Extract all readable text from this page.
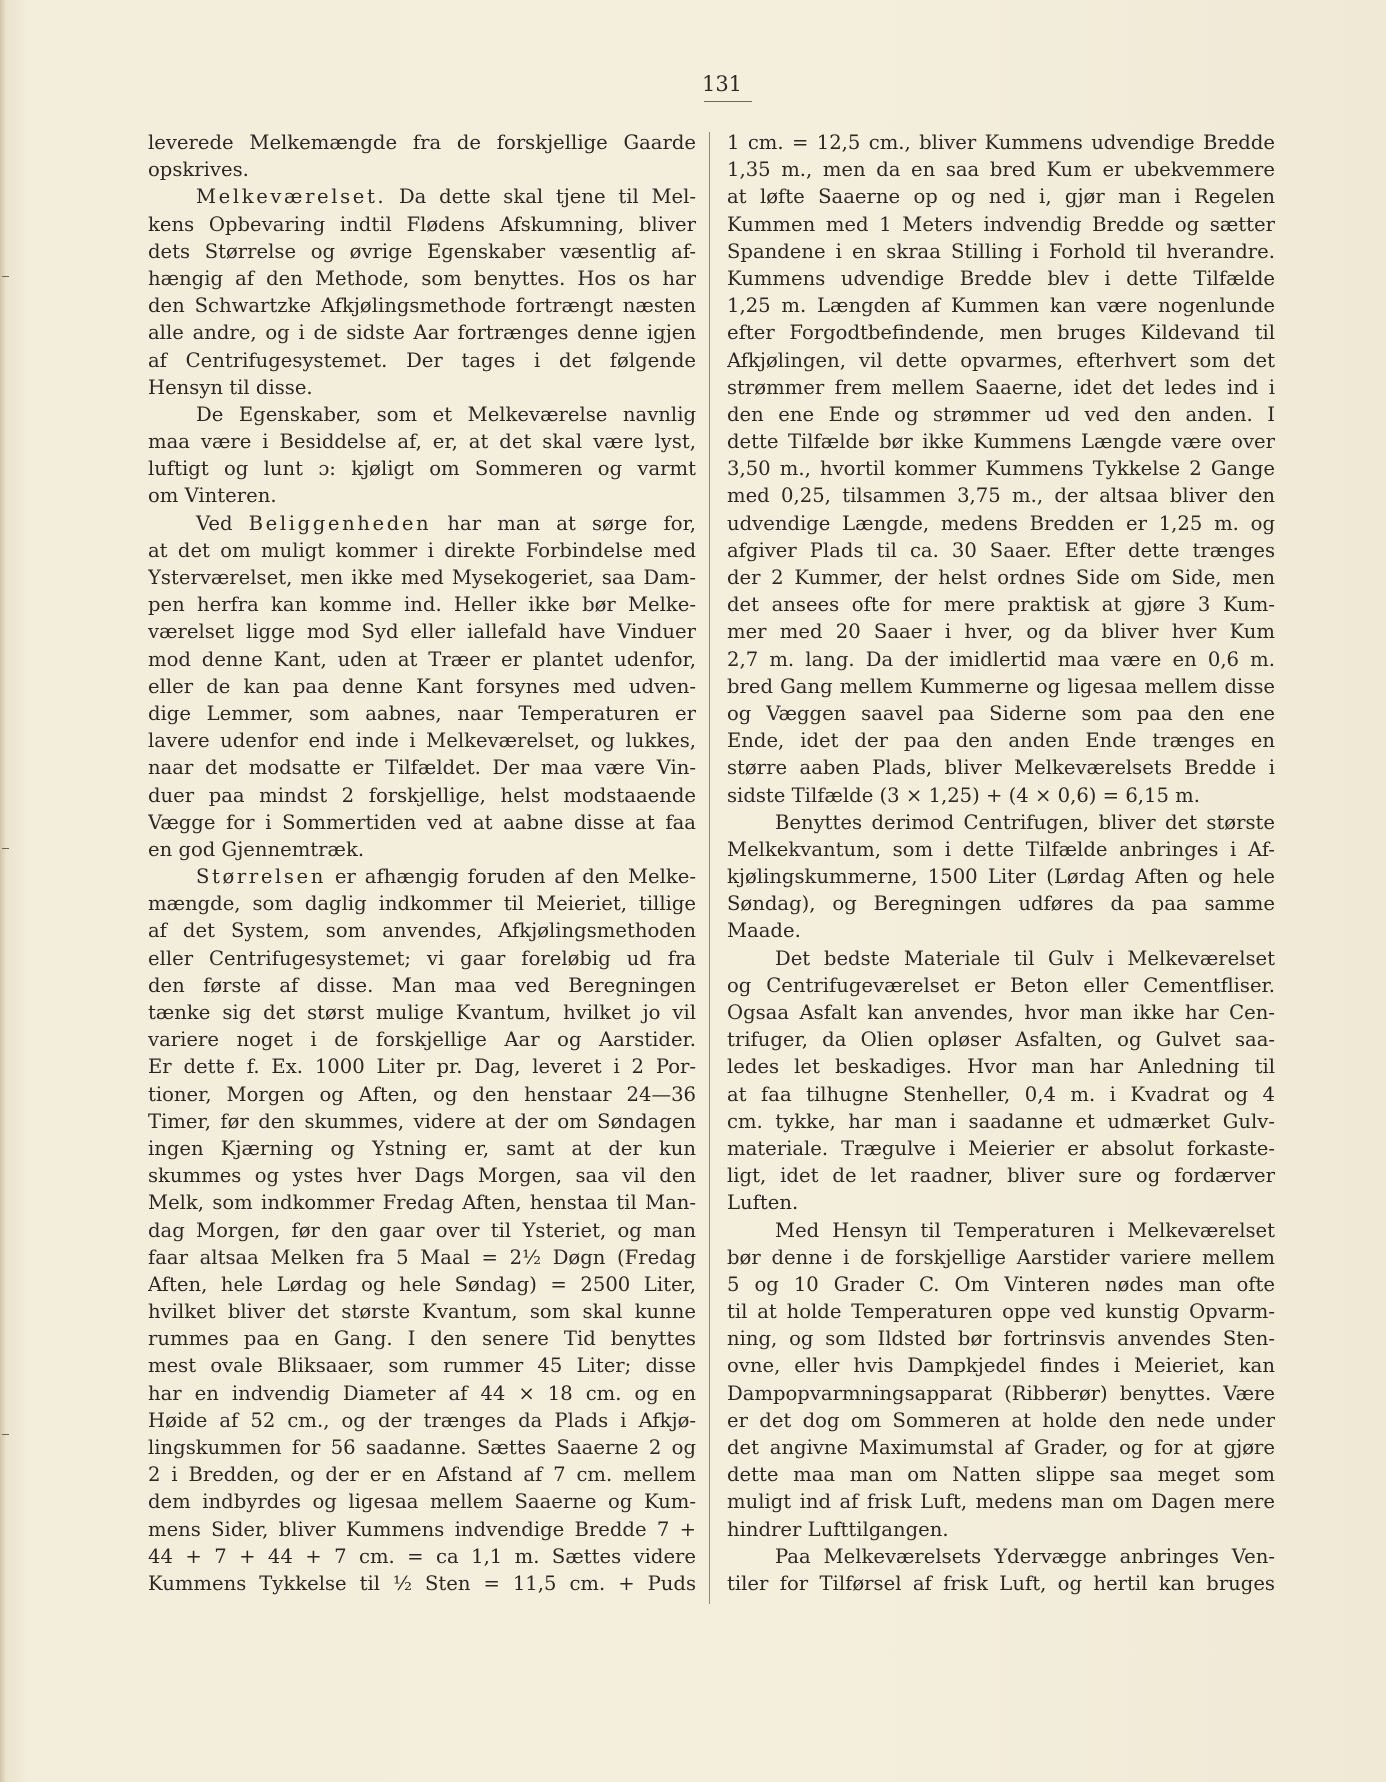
131
leverede Melkemængde fra de forskjellige Gaarde
opskrives.
Melkeværelset. Da dette skal tjene til Mel-
kens Opbevaring indtil Flødens Afskumning, bliver
dets Størrelse og øvrige Egenskaber væsentlig af-
hængig af den Methode, som benyttes. Hos os har
den Schwartzke Afkjølingsmethode fortrængt næsten
alle andre, og i de sidste Aar fortrænges denne igjen
af Centrifugesystemet. Der tages i det følgende
Hensyn til disse.
De Egenskaber, som et Melkeværelse navnlig
maa være i Besiddelse af, er, at det skal være lyst,
luftigt og lunt ɔ: kjøligt om Sommeren og varmt
om Vinteren.
Ved Beliggenheden har man at sørge for,
at det om muligt kommer i direkte Forbindelse med
Ysterværelset, men ikke med Mysekogeriet, saa Dam-
pen herfra kan komme ind. Heller ikke bør Melke-
værelset ligge mod Syd eller iallefald have Vinduer
mod denne Kant, uden at Træer er plantet udenfor,
eller de kan paa denne Kant forsynes med udven-
dige Lemmer, som aabnes, naar Temperaturen er
lavere udenfor end inde i Melkeværelset, og lukkes,
naar det modsatte er Tilfældet. Der maa være Vin-
duer paa mindst 2 forskjellige, helst modstaaende
Vægge for i Sommertiden ved at aabne disse at faa
en god Gjennemtræk.
Størrelsen er afhængig foruden af den Melke-
mængde, som daglig indkommer til Meieriet, tillige
af det System, som anvendes, Afkjølingsmethoden
eller Centrifugesystemet; vi gaar foreløbig ud fra
den første af disse. Man maa ved Beregningen
tænke sig det størst mulige Kvantum, hvilket jo vil
variere noget i de forskjellige Aar og Aarstider.
Er dette f. Ex. 1000 Liter pr. Dag, leveret i 2 Por-
tioner, Morgen og Aften, og den henstaar 24—36
Timer, før den skummes, videre at der om Søndagen
ingen Kjærning og Ystning er, samt at der kun
skummes og ystes hver Dags Morgen, saa vil den
Melk, som indkommer Fredag Aften, henstaa til Man-
dag Morgen, før den gaar over til Ysteriet, og man
faar altsaa Melken fra 5 Maal = 2½ Døgn (Fredag
Aften, hele Lørdag og hele Søndag) = 2500 Liter,
hvilket bliver det største Kvantum, som skal kunne
rummes paa en Gang. I den senere Tid benyttes
mest ovale Bliksaaer, som rummer 45 Liter; disse
har en indvendig Diameter af 44 × 18 cm. og en
Høide af 52 cm., og der trænges da Plads i Afkjø-
lingskummen for 56 saadanne. Sættes Saaerne 2 og
2 i Bredden, og der er en Afstand af 7 cm. mellem
dem indbyrdes og ligesaa mellem Saaerne og Kum-
mens Sider, bliver Kummens indvendige Bredde 7 +
44 + 7 + 44 + 7 cm. = ca 1,1 m. Sættes videre
Kummens Tykkelse til ½ Sten = 11,5 cm. + Puds
1 cm. = 12,5 cm., bliver Kummens udvendige Bredde
1,35 m., men da en saa bred Kum er ubekvemmere
at løfte Saaerne op og ned i, gjør man i Regelen
Kummen med 1 Meters indvendig Bredde og sætter
Spandene i en skraa Stilling i Forhold til hverandre.
Kummens udvendige Bredde blev i dette Tilfælde
1,25 m. Længden af Kummen kan være nogenlunde
efter Forgodtbefindende, men bruges Kildevand til
Afkjølingen, vil dette opvarmes, efterhvert som det
strømmer frem mellem Saaerne, idet det ledes ind i
den ene Ende og strømmer ud ved den anden. I
dette Tilfælde bør ikke Kummens Længde være over
3,50 m., hvortil kommer Kummens Tykkelse 2 Gange
med 0,25, tilsammen 3,75 m., der altsaa bliver den
udvendige Længde, medens Bredden er 1,25 m. og
afgiver Plads til ca. 30 Saaer. Efter dette trænges
der 2 Kummer, der helst ordnes Side om Side, men
det ansees ofte for mere praktisk at gjøre 3 Kum-
mer med 20 Saaer i hver, og da bliver hver Kum
2,7 m. lang. Da der imidlertid maa være en 0,6 m.
bred Gang mellem Kummerne og ligesaa mellem disse
og Væggen saavel paa Siderne som paa den ene
Ende, idet der paa den anden Ende trænges en
større aaben Plads, bliver Melkeværelsets Bredde i
sidste Tilfælde (3 × 1,25) + (4 × 0,6) = 6,15 m.
Benyttes derimod Centrifugen, bliver det største
Melkekvantum, som i dette Tilfælde anbringes i Af-
kjølingskummerne, 1500 Liter (Lørdag Aften og hele
Søndag), og Beregningen udføres da paa samme
Maade.
Det bedste Materiale til Gulv i Melkeværelset
og Centrifugeværelset er Beton eller Cementfliser.
Ogsaa Asfalt kan anvendes, hvor man ikke har Cen-
trifuger, da Olien opløser Asfalten, og Gulvet saa-
ledes let beskadiges. Hvor man har Anledning til
at faa tilhugne Stenheller, 0,4 m. i Kvadrat og 4
cm. tykke, har man i saadanne et udmærket Gulv-
materiale. Trægulve i Meierier er absolut forkaste-
ligt, idet de let raadner, bliver sure og fordærver
Luften.
Med Hensyn til Temperaturen i Melkeværelset
bør denne i de forskjellige Aarstider variere mellem
5 og 10 Grader C. Om Vinteren nødes man ofte
til at holde Temperaturen oppe ved kunstig Opvarm-
ning, og som Ildsted bør fortrinsvis anvendes Sten-
ovne, eller hvis Dampkjedel findes i Meieriet, kan
Dampopvarmningsapparat (Ribberør) benyttes. Være
er det dog om Sommeren at holde den nede under
det angivne Maximumstal af Grader, og for at gjøre
dette maa man om Natten slippe saa meget som
muligt ind af frisk Luft, medens man om Dagen mere
hindrer Lufttilgangen.
Paa Melkeværelsets Ydervægge anbringes Ven-
tiler for Tilførsel af frisk Luft, og hertil kan bruges
